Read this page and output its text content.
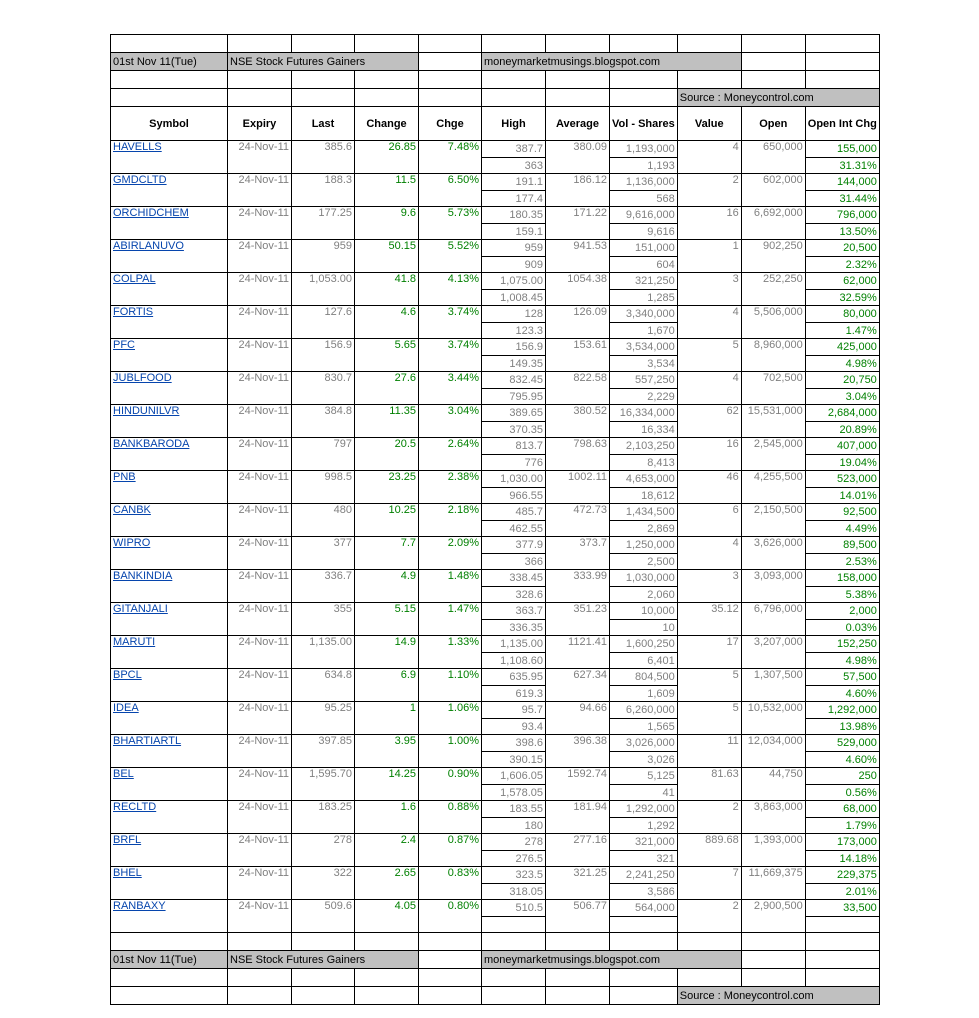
01st Nov 11(Tue)	NSE Stock Futures Gainers				moneymarketmusings.blogspot.com					

								Source : Moneycontrol.com		
Symbol	Expiry	Last	Change	Chge	High	Average	Vol - Shares	Value	Open	Open Int Chg
HAVELLS	24-Nov-11	385.6	26.85	7.48%	387.7	380.09	1,193,000	4	650,000	155,000
					363		1,193			31.31%
GMDCLTD	24-Nov-11	188.3	11.5	6.50%	191.1	186.12	1,136,000	2	602,000	144,000
					177.4		568			31.44%
ORCHIDCHEM	24-Nov-11	177.25	9.6	5.73%	180.35	171.22	9,616,000	16	6,692,000	796,000
					159.1		9,616			13.50%
ABIRLANUVO	24-Nov-11	959	50.15	5.52%	959	941.53	151,000	1	902,250	20,500
					909		604			2.32%
COLPAL	24-Nov-11	1,053.00	41.8	4.13%	1,075.00	1054.38	321,250	3	252,250	62,000
					1,008.45		1,285			32.59%
FORTIS	24-Nov-11	127.6	4.6	3.74%	128	126.09	3,340,000	4	5,506,000	80,000
					123.3		1,670			1.47%
PFC	24-Nov-11	156.9	5.65	3.74%	156.9	153.61	3,534,000	5	8,960,000	425,000
					149.35		3,534			4.98%
JUBLFOOD	24-Nov-11	830.7	27.6	3.44%	832.45	822.58	557,250	4	702,500	20,750
					795.95		2,229			3.04%
HINDUNILVR	24-Nov-11	384.8	11.35	3.04%	389.65	380.52	16,334,000	62	15,531,000	2,684,000
					370.35		16,334			20.89%
BANKBARODA	24-Nov-11	797	20.5	2.64%	813.7	798.63	2,103,250	16	2,545,000	407,000
					776		8,413			19.04%
PNB	24-Nov-11	998.5	23.25	2.38%	1,030.00	1002.11	4,653,000	46	4,255,500	523,000
					966.55		18,612			14.01%
CANBK	24-Nov-11	480	10.25	2.18%	485.7	472.73	1,434,500	6	2,150,500	92,500
					462.55		2,869			4.49%
WIPRO	24-Nov-11	377	7.7	2.09%	377.9	373.7	1,250,000	4	3,626,000	89,500
					366		2,500			2.53%
BANKINDIA	24-Nov-11	336.7	4.9	1.48%	338.45	333.99	1,030,000	3	3,093,000	158,000
					328.6		2,060			5.38%
GITANJALI	24-Nov-11	355	5.15	1.47%	363.7	351.23	10,000	35.12	6,796,000	2,000
					336.35		10			0.03%
MARUTI	24-Nov-11	1,135.00	14.9	1.33%	1,135.00	1121.41	1,600,250	17	3,207,000	152,250
					1,108.60		6,401			4.98%
BPCL	24-Nov-11	634.8	6.9	1.10%	635.95	627.34	804,500	5	1,307,500	57,500
					619.3		1,609			4.60%
IDEA	24-Nov-11	95.25	1	1.06%	95.7	94.66	6,260,000	5	10,532,000	1,292,000
					93.4		1,565			13.98%
BHARTIARTL	24-Nov-11	397.85	3.95	1.00%	398.6	396.38	3,026,000	11	12,034,000	529,000
					390.15		3,026			4.60%
BEL	24-Nov-11	1,595.70	14.25	0.90%	1,606.05	1592.74	5,125	81.63	44,750	250
					1,578.05		41			0.56%
RECLTD	24-Nov-11	183.25	1.6	0.88%	183.55	181.94	1,292,000	2	3,863,000	68,000
					180		1,292			1.79%
BRFL	24-Nov-11	278	2.4	0.87%	278	277.16	321,000	889.68	1,393,000	173,000
					276.5		321			14.18%
BHEL	24-Nov-11	322	2.65	0.83%	323.5	321.25	2,241,250	7	11,669,375	229,375
					318.05		3,586			2.01%
RANBAXY	24-Nov-11	509.6	4.05	0.80%	510.5	506.77	564,000	2	2,900,500	33,500

01st Nov 11(Tue)	NSE Stock Futures Gainers				moneymarketmusings.blogspot.com					

								Source : Moneycontrol.com		
